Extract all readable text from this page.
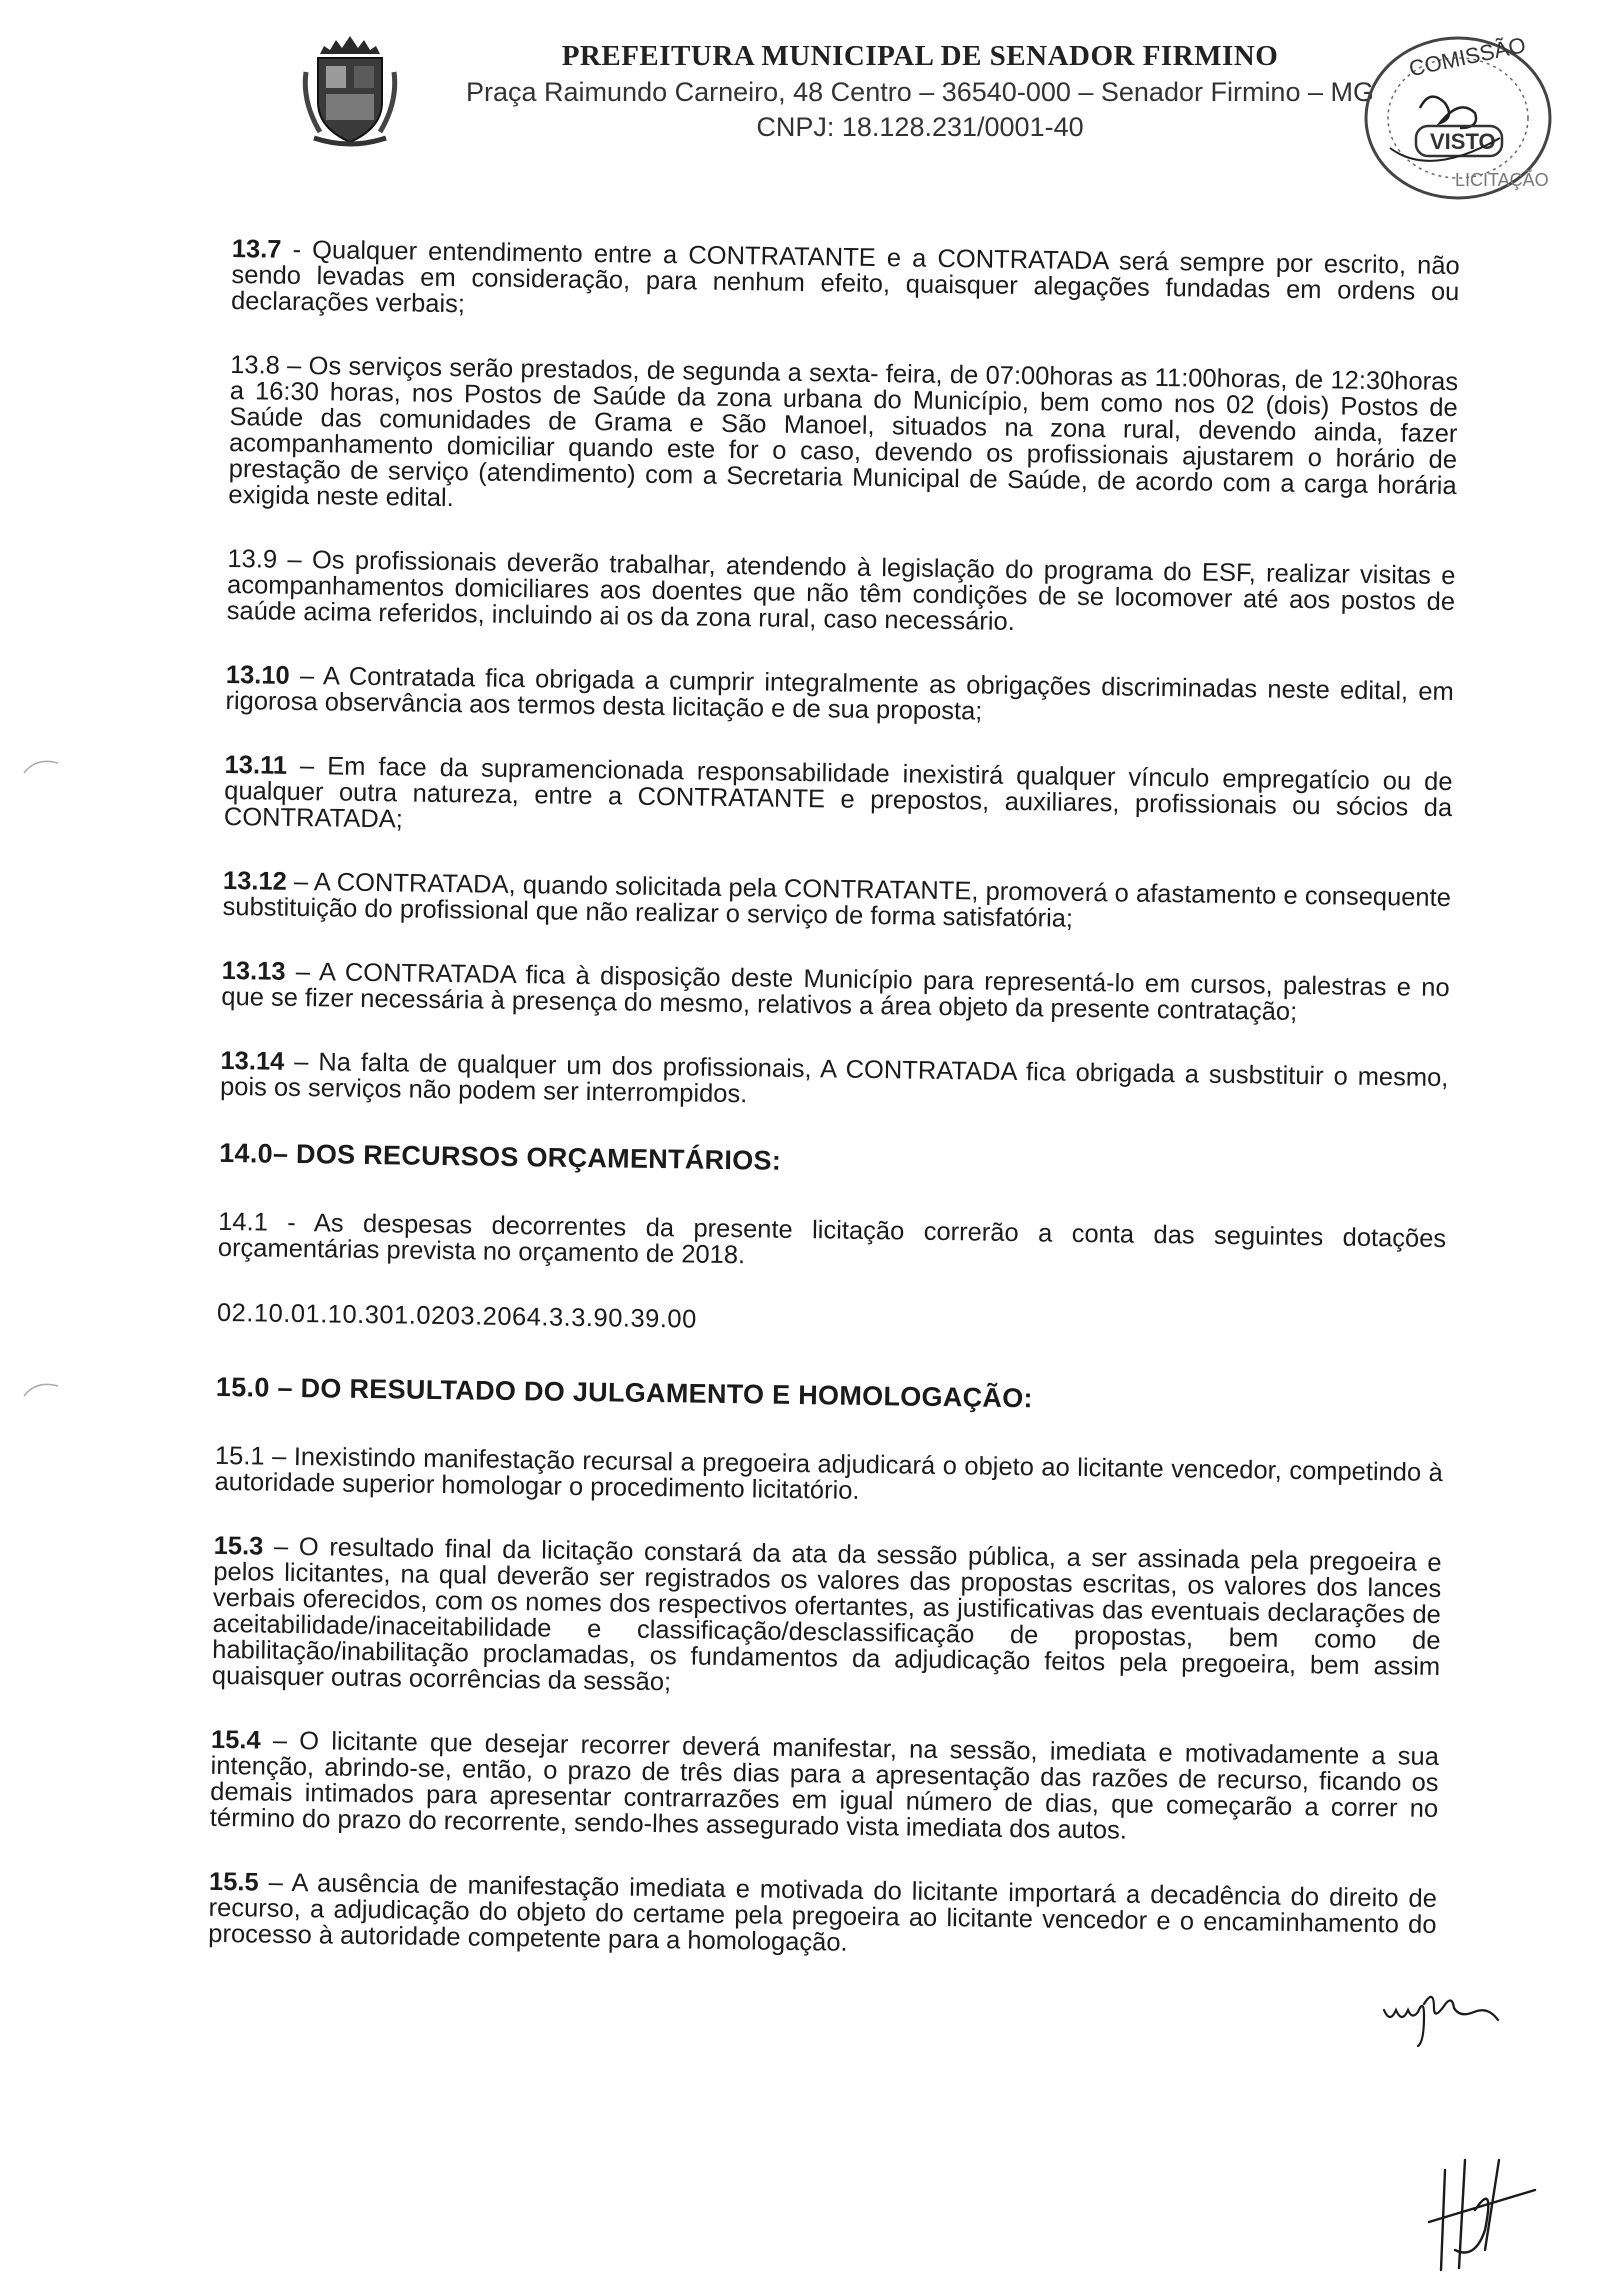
PREFEITURA MUNICIPAL DE SENADOR FIRMINO
Praça Raimundo Carneiro, 48 Centro – 36540-000 – Senador Firmino – MG
CNPJ: 18.128.231/0001-40
COMISSÃO
VISTO
LICITAÇÃO

13.7 - Qualquer entendimento entre a CONTRATANTE e a CONTRATADA será sempre por escrito, não sendo levadas em consideração, para nenhum efeito, quaisquer alegações fundadas em ordens ou declarações verbais;

13.8 – Os serviços serão prestados, de segunda a sexta- feira, de 07:00horas as 11:00horas, de 12:30horas a 16:30 horas, nos Postos de Saúde da zona urbana do Município, bem como nos 02 (dois) Postos de Saúde das comunidades de Grama e São Manoel, situados na zona rural, devendo ainda, fazer acompanhamento domiciliar quando este for o caso, devendo os profissionais ajustarem o horário de prestação de serviço (atendimento) com a Secretaria Municipal de Saúde, de acordo com a carga horária exigida neste edital.

13.9 – Os profissionais deverão trabalhar, atendendo à legislação do programa do ESF, realizar visitas e acompanhamentos domiciliares aos doentes que não têm condições de se locomover até aos postos de saúde acima referidos, incluindo ai os da zona rural, caso necessário.

13.10 – A Contratada fica obrigada a cumprir integralmente as obrigações discriminadas neste edital, em rigorosa observância aos termos desta licitação e de sua proposta;

13.11 – Em face da supramencionada responsabilidade inexistirá qualquer vínculo empregatício ou de qualquer outra natureza, entre a CONTRATANTE e prepostos, auxiliares, profissionais ou sócios da CONTRATADA;

13.12 – A CONTRATADA, quando solicitada pela CONTRATANTE, promoverá o afastamento e consequente substituição do profissional que não realizar o serviço de forma satisfatória;

13.13 – A CONTRATADA fica à disposição deste Município para representá-lo em cursos, palestras e no que se fizer necessária à presença do mesmo, relativos a área objeto da presente contratação;

13.14 – Na falta de qualquer um dos profissionais, A CONTRATADA fica obrigada a susbstituir o mesmo, pois os serviços não podem ser interrompidos.

14.0– DOS RECURSOS ORÇAMENTÁRIOS:

14.1 - As despesas decorrentes da presente licitação correrão a conta das seguintes dotações orçamentárias prevista no orçamento de 2018.

02.10.01.10.301.0203.2064.3.3.90.39.00
15.0 – DO RESULTADO DO JULGAMENTO E HOMOLOGAÇÃO:

15.1 – Inexistindo manifestação recursal a pregoeira adjudicará o objeto ao licitante vencedor, competindo à autoridade superior homologar o procedimento licitatório.

15.3 – O resultado final da licitação constará da ata da sessão pública, a ser assinada pela pregoeira e pelos licitantes, na qual deverão ser registrados os valores das propostas escritas, os valores dos lances verbais oferecidos, com os nomes dos respectivos ofertantes, as justificativas das eventuais declarações de aceitabilidade/inaceitabilidade e classificação/desclassificação de propostas, bem como de habilitação/inabilitação proclamadas, os fundamentos da adjudicação feitos pela pregoeira, bem assim quaisquer outras ocorrências da sessão;

15.4 – O licitante que desejar recorrer deverá manifestar, na sessão, imediata e motivadamente a sua intenção, abrindo-se, então, o prazo de três dias para a apresentação das razões de recurso, ficando os demais intimados para apresentar contrarrazões em igual número de dias, que começarão a correr no término do prazo do recorrente, sendo-lhes assegurado vista imediata dos autos.

15.5 – A ausência de manifestação imediata e motivada do licitante importará a decadência do direito de recurso, a adjudicação do objeto do certame pela pregoeira ao licitante vencedor e o encaminhamento do processo à autoridade competente para a homologação.
